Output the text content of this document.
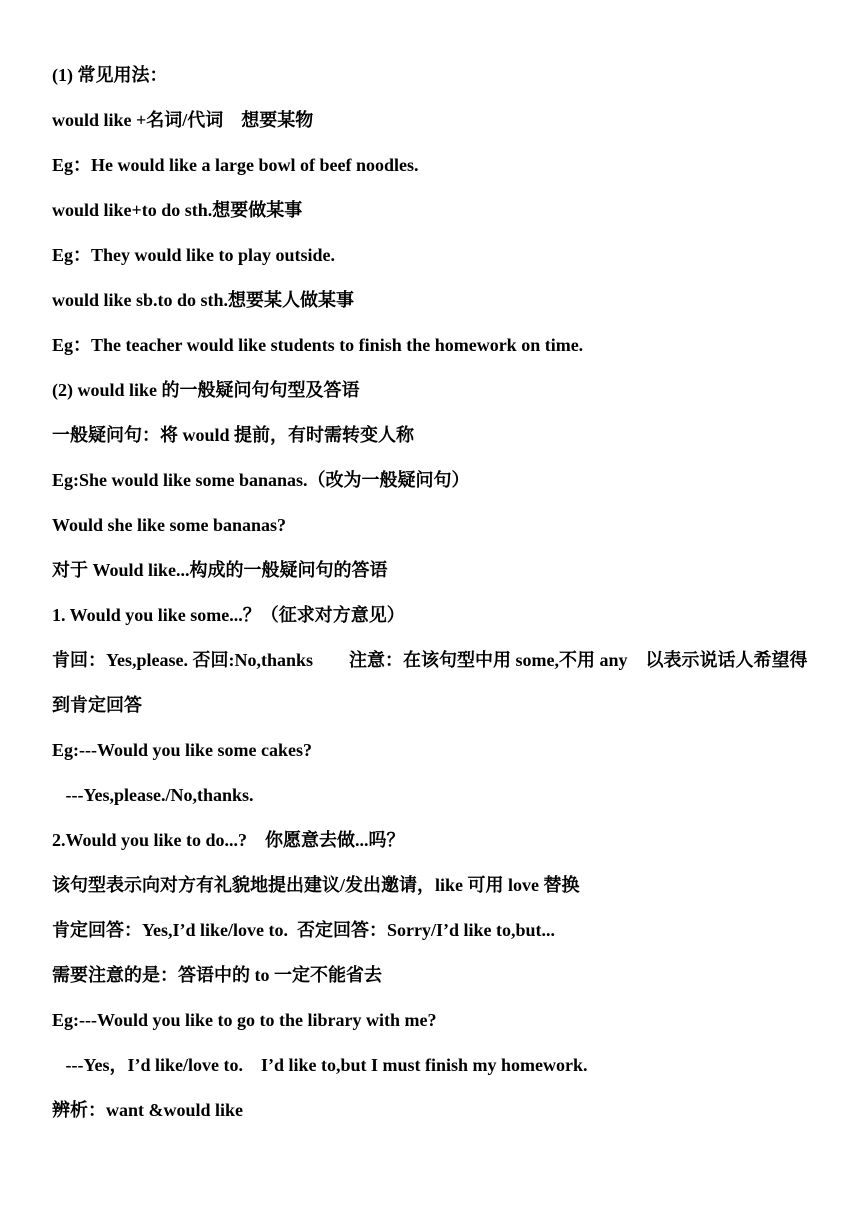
(1) 常见用法：

would like +名词/代词　想要某物

Eg：He would like a large bowl of beef noodles.

would like+to do sth.想要做某事

Eg：They would like to play outside.

would like sb.to do sth.想要某人做某事

Eg：The teacher would like students to finish the homework on time.

(2) would like 的一般疑问句句型及答语

一般疑问句：将 would 提前，有时需转变人称

Eg:She would like some bananas.（改为一般疑问句）

Would she like some bananas?

对于 Would like...构成的一般疑问句的答语

1. Would you like some...？（征求对方意见）

肯回：Yes,please. 否回:No,thanks　　注意：在该句型中用 some,不用 any　以表示说话人希望得到肯定回答

Eg:---Would you like some cakes?

---Yes,please./No,thanks.

2.Would you like to do...?　你愿意去做...吗？

该句型表示向对方有礼貌地提出建议/发出邀请，like 可用 love 替换

肯定回答：Yes,I’d like/love to.  否定回答：Sorry/I’d like to,but...

需要注意的是：答语中的 to 一定不能省去

Eg:---Would you like to go to the library with me?

---Yes，I’d like/love to.　I’d like to,but I must finish my homework.

辨析：want &would like
